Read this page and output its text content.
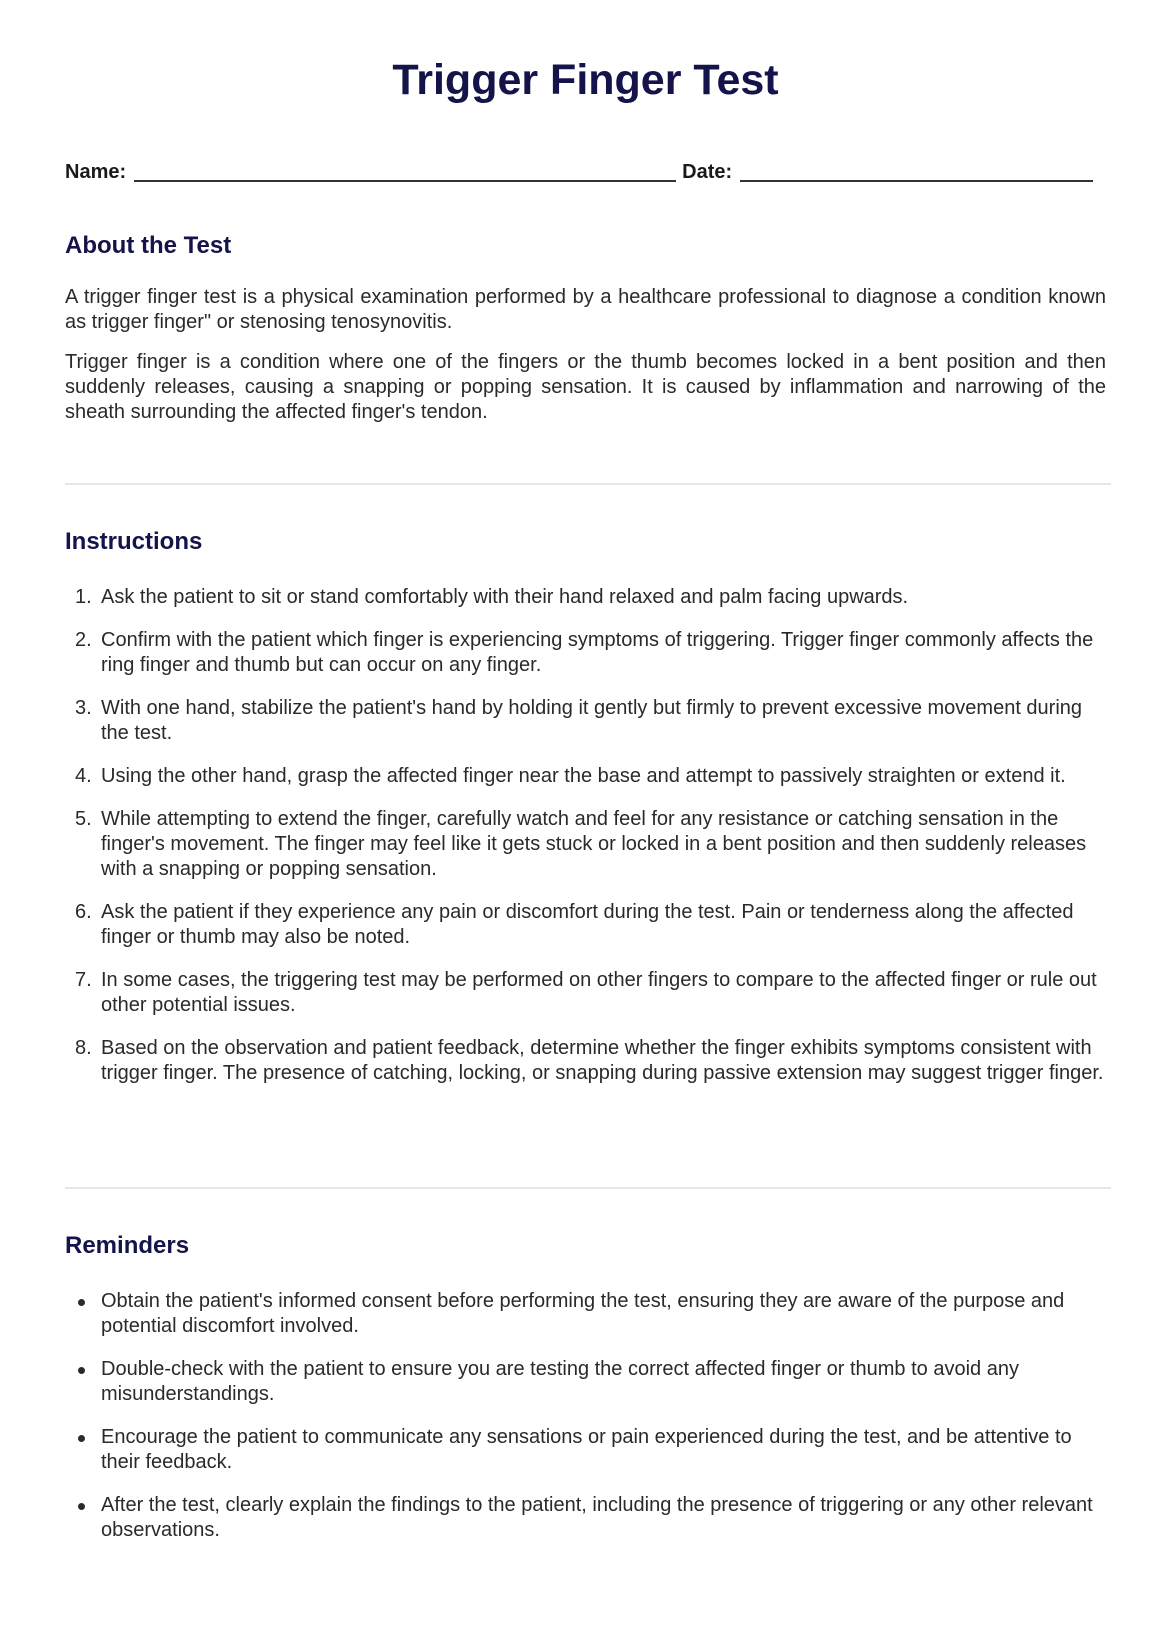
Trigger Finger Test
Name:	Date:
About the Test

A trigger finger test is a physical examination performed by a healthcare professional to diagnose a condition known as trigger finger" or stenosing tenosynovitis.

Trigger finger is a condition where one of the fingers or the thumb becomes locked in a bent position and then suddenly releases, causing a snapping or popping sensation. It is caused by inflammation and narrowing of the sheath surrounding the affected finger's tendon.

Instructions
1. Ask the patient to sit or stand comfortably with their hand relaxed and palm facing upwards.
2. Confirm with the patient which finger is experiencing symptoms of triggering. Trigger finger commonly affects the ring finger and thumb but can occur on any finger.
3. With one hand, stabilize the patient's hand by holding it gently but firmly to prevent excessive movement during the test.
4. Using the other hand, grasp the affected finger near the base and attempt to passively straighten or extend it.
5. While attempting to extend the finger, carefully watch and feel for any resistance or catching sensation in the finger's movement. The finger may feel like it gets stuck or locked in a bent position and then suddenly releases with a snapping or popping sensation.
6. Ask the patient if they experience any pain or discomfort during the test. Pain or tenderness along the affected finger or thumb may also be noted.
7. In some cases, the triggering test may be performed on other fingers to compare to the affected finger or rule out other potential issues.
8. Based on the observation and patient feedback, determine whether the finger exhibits symptoms consistent with trigger finger. The presence of catching, locking, or snapping during passive extension may suggest trigger finger.
Reminders
Obtain the patient's informed consent before performing the test, ensuring they are aware of the purpose and potential discomfort involved.
Double-check with the patient to ensure you are testing the correct affected finger or thumb to avoid any misunderstandings.
Encourage the patient to communicate any sensations or pain experienced during the test, and be attentive to their feedback.
After the test, clearly explain the findings to the patient, including the presence of triggering or any other relevant observations.
